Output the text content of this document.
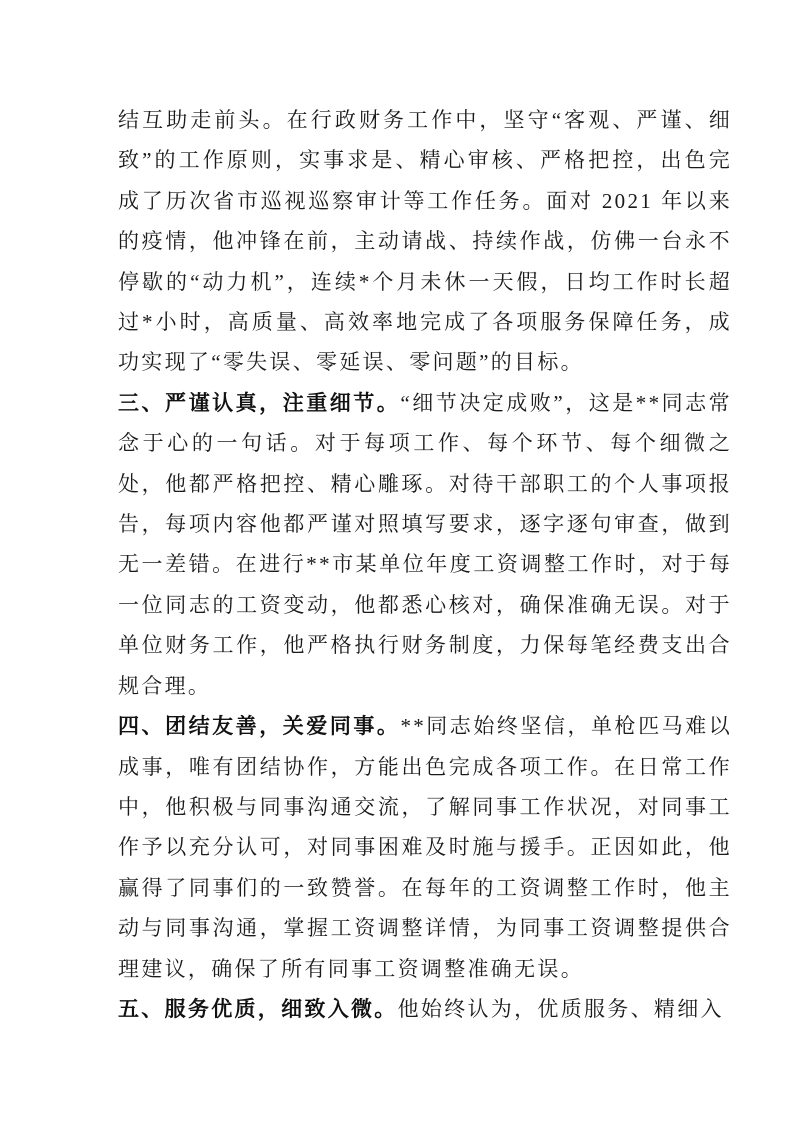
结互助走前头。在行政财务工作中，坚守“客观、严谨、细致”的工作原则，实事求是、精心审核、严格把控，出色完成了历次省市巡视巡察审计等工作任务。面对 2021 年以来的疫情，他冲锋在前，主动请战、持续作战，仿佛一台永不停歇的“动力机”，连续*个月未休一天假，日均工作时长超过*小时，高质量、高效率地完成了各项服务保障任务，成功实现了“零失误、零延误、零问题”的目标。

三、严谨认真，注重细节。“细节决定成败”，这是**同志常念于心的一句话。对于每项工作、每个环节、每个细微之处，他都严格把控、精心雕琢。对待干部职工的个人事项报告，每项内容他都严谨对照填写要求，逐字逐句审查，做到无一差错。在进行**市某单位年度工资调整工作时，对于每一位同志的工资变动，他都悉心核对，确保准确无误。对于单位财务工作，他严格执行财务制度，力保每笔经费支出合规合理。

四、团结友善，关爱同事。**同志始终坚信，单枪匹马难以成事，唯有团结协作，方能出色完成各项工作。在日常工作中，他积极与同事沟通交流，了解同事工作状况，对同事工作予以充分认可，对同事困难及时施与援手。正因如此，他赢得了同事们的一致赞誉。在每年的工资调整工作时，他主动与同事沟通，掌握工资调整详情，为同事工资调整提供合理建议，确保了所有同事工资调整准确无误。

五、服务优质，细致入微。他始终认为，优质服务、精细入
